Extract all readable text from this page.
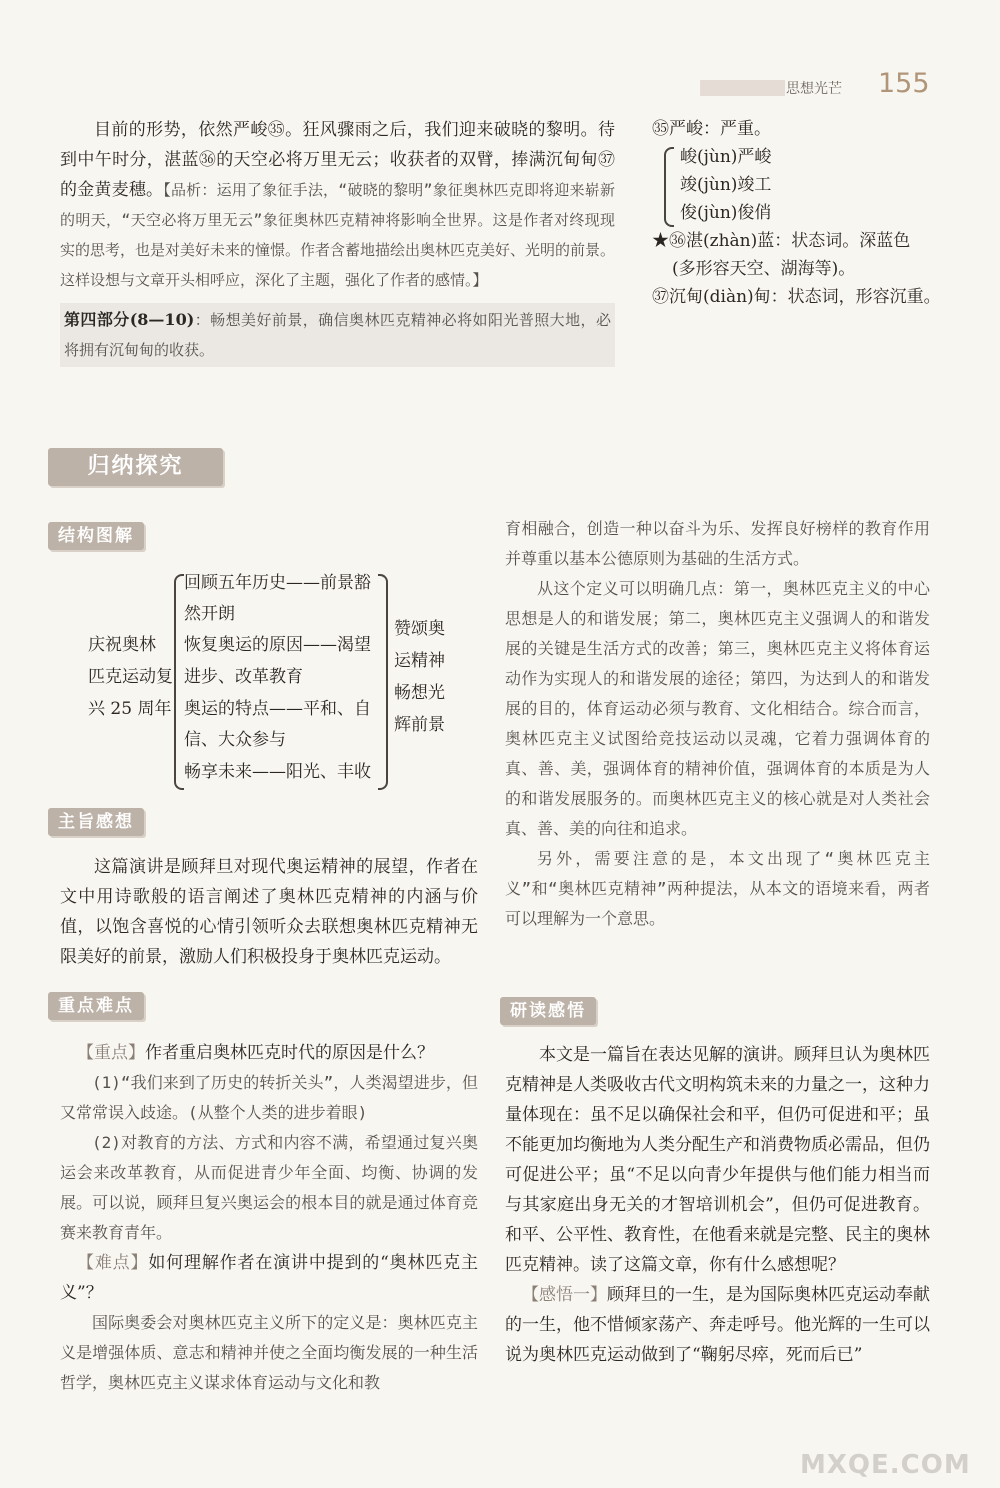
思想光芒 155

目前的形势，依然严峻㉟。狂风骤雨之后，我们迎来破晓的黎明。待到中午时分，湛蓝㊱的天空必将万里无云；收获者的双臂，捧满沉甸甸㊲的金黄麦穗。【品析：运用了象征手法，“破晓的黎明”象征奥林匹克即将迎来崭新的明天，“天空必将万里无云”象征奥林匹克精神将影响全世界。这是作者对终现现实的思考，也是对美好未来的憧憬。作者含蓄地描绘出奥林匹克美好、光明的前景。这样设想与文章开头相呼应，深化了主题，强化了作者的感情。】

第四部分(8—10)：畅想美好前景，确信奥林匹克精神必将如阳光普照大地，必将拥有沉甸甸的收获。

㉟严峻：严重。
峻(jùn)严峻
竣(jùn)竣工
俊(jùn)俊俏
★㊱湛(zhàn)蓝：状态词。深蓝色
(多形容天空、湖海等)。
㊲沉甸(diàn)甸：状态词，形容沉重。
归纳探究
结构图解
庆祝奥林
匹克运动复
兴 25 周年
回顾五年历史——前景豁
然开朗
恢复奥运的原因——渴望
进步、改革教育
奥运的特点——平和、自
信、大众参与
畅享未来——阳光、丰收
赞颂奥
运精神
畅想光
辉前景
主旨感想

这篇演讲是顾拜旦对现代奥运精神的展望，作者在文中用诗歌般的语言阐述了奥林匹克精神的内涵与价值，以饱含喜悦的心情引领听众去联想奥林匹克精神无限美好的前景，激励人们积极投身于奥林匹克运动。

重点难点

【重点】作者重启奥林匹克时代的原因是什么？

(1)“我们来到了历史的转折关头”，人类渴望进步，但又常常误入歧途。(从整个人类的进步着眼)

(2)对教育的方法、方式和内容不满，希望通过复兴奥运会来改革教育，从而促进青少年全面、均衡、协调的发展。可以说，顾拜旦复兴奥运会的根本目的就是通过体育竞赛来教育青年。

【难点】如何理解作者在演讲中提到的“奥林匹克主义”？

国际奥委会对奥林匹克主义所下的定义是：奥林匹克主义是增强体质、意志和精神并使之全面均衡发展的一种生活哲学，奥林匹克主义谋求体育运动与文化和教

育相融合，创造一种以奋斗为乐、发挥良好榜样的教育作用并尊重以基本公德原则为基础的生活方式。

从这个定义可以明确几点：第一，奥林匹克主义的中心思想是人的和谐发展；第二，奥林匹克主义强调人的和谐发展的关键是生活方式的改善；第三，奥林匹克主义将体育运动作为实现人的和谐发展的途径；第四，为达到人的和谐发展的目的，体育运动必须与教育、文化相结合。综合而言，奥林匹克主义试图给竞技运动以灵魂，它着力强调体育的真、善、美，强调体育的精神价值，强调体育的本质是为人的和谐发展服务的。而奥林匹克主义的核心就是对人类社会真、善、美的向往和追求。

另外，需要注意的是，本文出现了“奥林匹克主义”和“奥林匹克精神”两种提法，从本文的语境来看，两者可以理解为一个意思。

研读感悟

本文是一篇旨在表达见解的演讲。顾拜旦认为奥林匹克精神是人类吸收古代文明构筑未来的力量之一，这种力量体现在：虽不足以确保社会和平，但仍可促进和平；虽不能更加均衡地为人类分配生产和消费物质必需品，但仍可促进公平；虽“不足以向青少年提供与他们能力相当而与其家庭出身无关的才智培训机会”，但仍可促进教育。和平、公平性、教育性，在他看来就是完整、民主的奥林匹克精神。读了这篇文章，你有什么感想呢？

【感悟一】顾拜旦的一生，是为国际奥林匹克运动奉献的一生，他不惜倾家荡产、奔走呼号。他光辉的一生可以说为奥林匹克运动做到了“鞠躬尽瘁，死而后已”

MXQE.COM
